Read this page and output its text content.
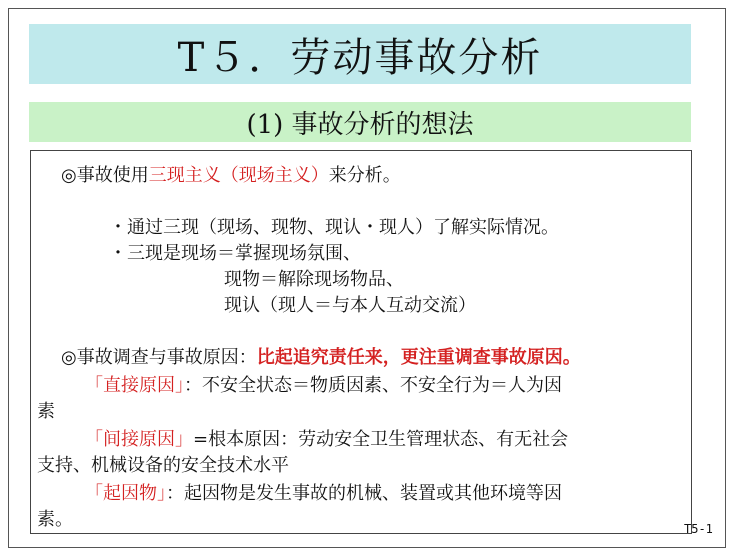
T５．劳动事故分析
(1) 事故分析的想法
◎事故使用三现主义（现场主义）来分析。
・通过三现（现场、现物、现认・现人）了解实际情况。
・三现是现场＝掌握现场氛围、
现物＝解除现场物品、
现认（现人＝与本人互动交流）
◎事故调查与事故原因：比起追究责任来，更注重调查事故原因。
「直接原因」：不安全状态＝物质因素、不安全行为＝人为因
素
「间接原因」=根本原因：劳动安全卫生管理状态、有无社会
支持、机械设备的安全技术水平
「起因物」：起因物是发生事故的机械、装置或其他环境等因
素。	T5-1
